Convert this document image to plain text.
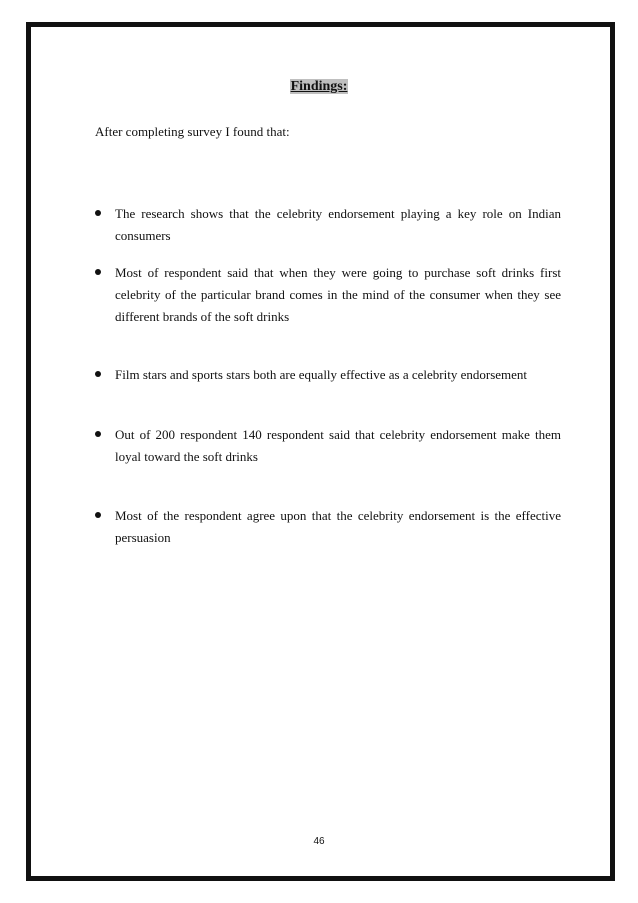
Findings:
After completing survey I found that:
The research shows that the celebrity endorsement playing a key role on Indian consumers
Most of respondent said that when they were going to purchase soft drinks first celebrity of the particular brand comes in the mind of the consumer when they see different brands of the soft drinks
Film stars and sports stars both are equally effective as a celebrity endorsement
Out of 200 respondent 140 respondent said that celebrity endorsement make them loyal toward the soft drinks
Most of the respondent agree upon that the celebrity endorsement is the effective persuasion
46
